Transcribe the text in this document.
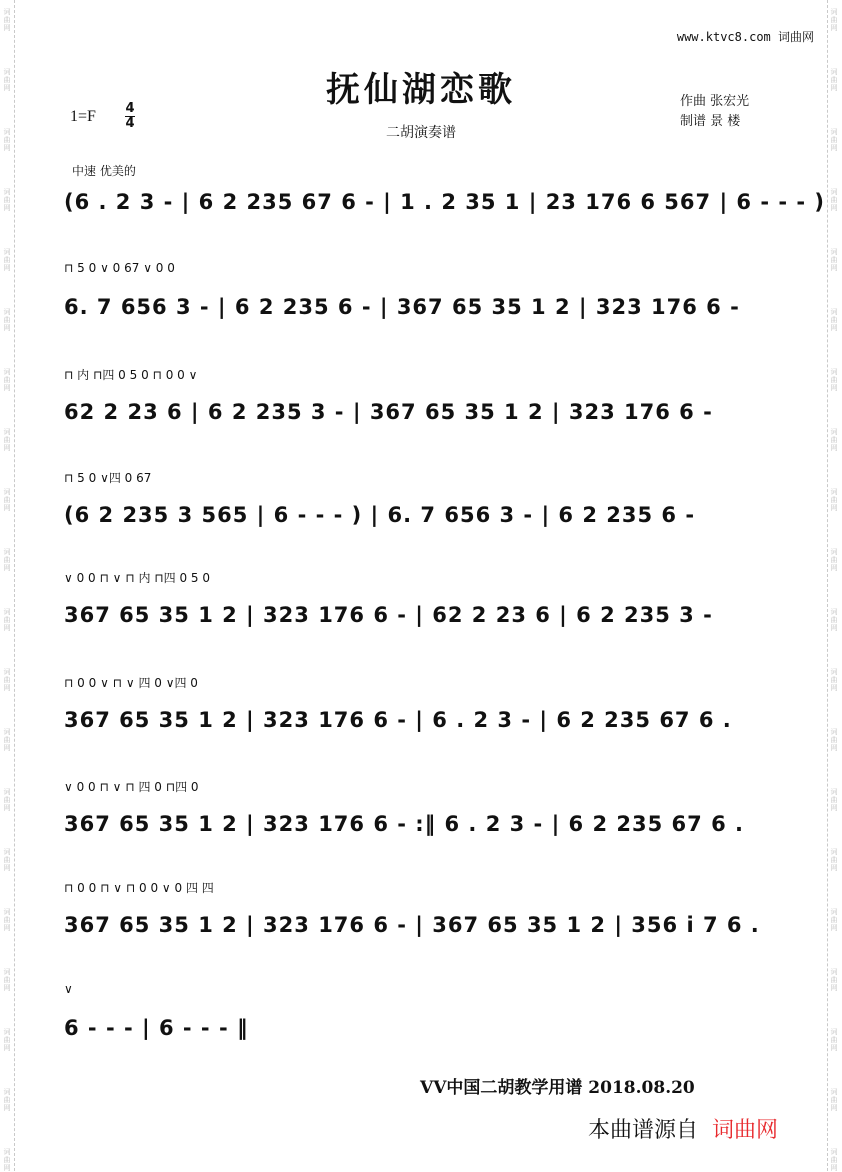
词
曲
网
词
曲
网
词
曲
网
词
曲
网
词
曲
网
词
曲
网
词
曲
网
词
曲
网
词
曲
网
词
曲
网
词
曲
网
词
曲
网
词
曲
网
词
曲
网
词
曲
网
词
曲
网
词
曲
网
词
曲
网
词
曲
网
词
曲
网
词
曲
网
词
曲
网
词
曲
网
词
曲
网
词
曲
网
词
曲
网
词
曲
网
词
曲
网
词
曲
网
词
曲
网
词
曲
网
词
曲
网
词
曲
网
词
曲
网
词
曲
网
词
曲
网
词
曲
网
词
曲
网
词
曲
网
词
曲
网
www.ktvc8.com 词曲网
抚仙湖恋歌
二胡演奏谱
1=F 4
4
作曲 张宏光
制谱 景 楼
中速 优美的
(6 . 2 3 - | 6 2 235 67 6 - | 1 . 2 35 1 | 23 176 6 567 | 6 - - - )
⊓ 5 0 ∨ 0 67 ∨ 0 0
6. 7 656 3 - | 6 2 235 6 - | 367 65 35 1 2 | 323 176 6 -
⊓ 内 ⊓四 0 5 0 ⊓ 0 0 ∨
62 2 23 6 | 6 2 235 3 - | 367 65 35 1 2 | 323 176 6 -
⊓ 5 0 ∨四 0 67
(6 2 235 3 565 | 6 - - - ) | 6. 7 656 3 - | 6 2 235 6 -
∨ 0 0 ⊓ ∨ ⊓ 内 ⊓四 0 5 0
367 65 35 1 2 | 323 176 6 - | 62 2 23 6 | 6 2 235 3 -
⊓ 0 0 ∨ ⊓ ∨ 四 0 ∨四 0
367 65 35 1 2 | 323 176 6 - | 6 . 2 3 - | 6 2 235 67 6 .
∨ 0 0 ⊓ ∨ ⊓ 四 0 ⊓四 0
367 65 35 1 2 | 323 176 6 - :‖ 6 . 2 3 - | 6 2 235 67 6 .
⊓ 0 0 ⊓ ∨ ⊓ 0 0 ∨ 0 四 四
367 65 35 1 2 | 323 176 6 - | 367 65 35 1 2 | 356 i 7 6 .
∨
6 - - - | 6 - - - ‖
VV中国二胡教学用谱 2018.08.20
本曲谱源自 词曲网
